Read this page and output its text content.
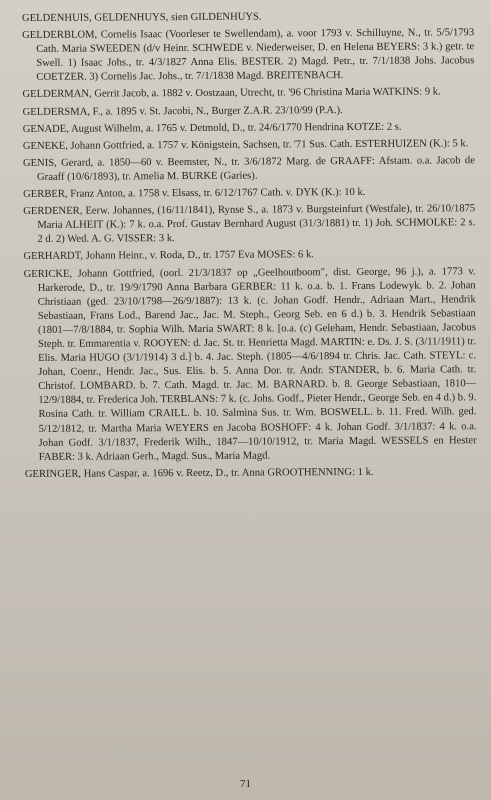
GELDENHUIS, GELDENHUYS, sien GILDENHUYS.

GELDERBLOM, Cornelis Isaac (Voorleser te Swellendam), a. voor 1793 v. Schilluyne, N., tr. 5/5/1793 Cath. Maria SWEEDEN (d/v Heinr. SCHWEDE v. Niederweiser, D. en Helena BEYERS: 3 k.) getr. te Swell. 1) Isaac Johs., tr. 4/3/1827 Anna Elis. BESTER. 2) Magd. Petr., tr. 7/1/1838 Johs. Jacobus COETZER. 3) Cornelis Jac. Johs., tr. 7/1/1838 Magd. BREITENBACH.

GELDERMAN, Gerrit Jacob, a. 1882 v. Oostzaan, Utrecht, tr. '96 Christina Maria WATKINS: 9 k.

GELDERSMA, F., a. 1895 v. St. Jacobi, N., Burger Z.A.R. 23/10/99 (P.A.).

GENADE, August Wilhelm, a. 1765 v. Detmold, D., tr. 24/6/1770 Hendrina KOTZE: 2 s.

GENEKE, Johann Gottfried, a. 1757 v. Königstein, Sachsen, tr. '71 Sus. Cath. ESTERHUIZEN (K.): 5 k.

GENIS, Gerard, a. 1850—60 v. Beemster, N., tr. 3/6/1872 Marg. de GRAAFF: Afstam. o.a. Jacob de Graaff (10/6/1893), tr. Amelia M. BURKE (Garies).

GERBER, Franz Anton, a. 1758 v. Elsass, tr. 6/12/1767 Cath. v. DYK (K.): 10 k.

GERDENER, Eerw. Johannes, (16/11/1841), Rynse S., a. 1873 v. Burgsteinfurt (Westfale), tr. 26/10/1875 Maria ALHEIT (K.): 7 k. o.a. Prof. Gustav Bernhard August (31/3/1881) tr. 1) Joh. SCHMOLKE: 2 s. 2 d. 2) Wed. A. G. VISSER: 3 k.

GERHARDT, Johann Heinr., v. Roda, D., tr. 1757 Eva MOSES: 6 k.

GERICKE, Johann Gottfried, (oorl. 21/3/1837 op „Geelhoutboom", dist. George, 96 j.), a. 1773 v. Harkerode, D., tr. 19/9/1790 Anna Barbara GERBER: 11 k. o.a. b. 1. Frans Lodewyk. b. 2. Johan Christiaan (ged. 23/10/1798—26/9/1887): 13 k. (c. Johan Godf. Hendr., Adriaan Mart., Hendrik Sebastiaan, Frans Lod., Barend Jac., Jac. M. Steph., Georg Seb. en 6 d.) b. 3. Hendrik Sebastiaan (1801—7/8/1884, tr. Sophia Wilh. Maria SWART: 8 k. [o.a. (c) Geleham, Hendr. Sebastiaan, Jacobus Steph. tr. Emmarentia v. ROOYEN: d. Jac. St. tr. Henrietta Magd. MARTIN: e. Ds. J. S. (3/11/1911) tr. Elis. Maria HUGO (3/1/1914) 3 d.] b. 4. Jac. Steph. (1805—4/6/1894 tr. Chris. Jac. Cath. STEYL: c. Johan, Coenr., Hendr. Jac., Sus. Elis. b. 5. Anna Dor. tr. Andr. STANDER, b. 6. Maria Cath. tr. Christof. LOMBARD. b. 7. Cath. Magd. tr. Jac. M. BARNARD. b. 8. George Sebastiaan, 1810—12/9/1884, tr. Frederica Joh. TERBLANS: 7 k. (c. Johs. Godf., Pieter Hendr., George Seb. en 4 d.) b. 9. Rosina Cath. tr. William CRAILL. b. 10. Salmina Sus. tr. Wm. BOSWELL. b. 11. Fred. Wilh. ged. 5/12/1812, tr. Martha Maria WEYERS en Jacoba BOSHOFF: 4 k. Johan Godf. 3/1/1837: 4 k. o.a. Johan Godf. 3/1/1837, Frederik Wilh., 1847—10/10/1912, tr. Maria Magd. WESSELS en Hester FABER: 3 k. Adriaan Gerh., Magd. Sus., Maria Magd.

GERINGER, Hans Caspar, a. 1696 v. Reetz, D., tr. Anna GROOTHENNING: 1 k.

71
